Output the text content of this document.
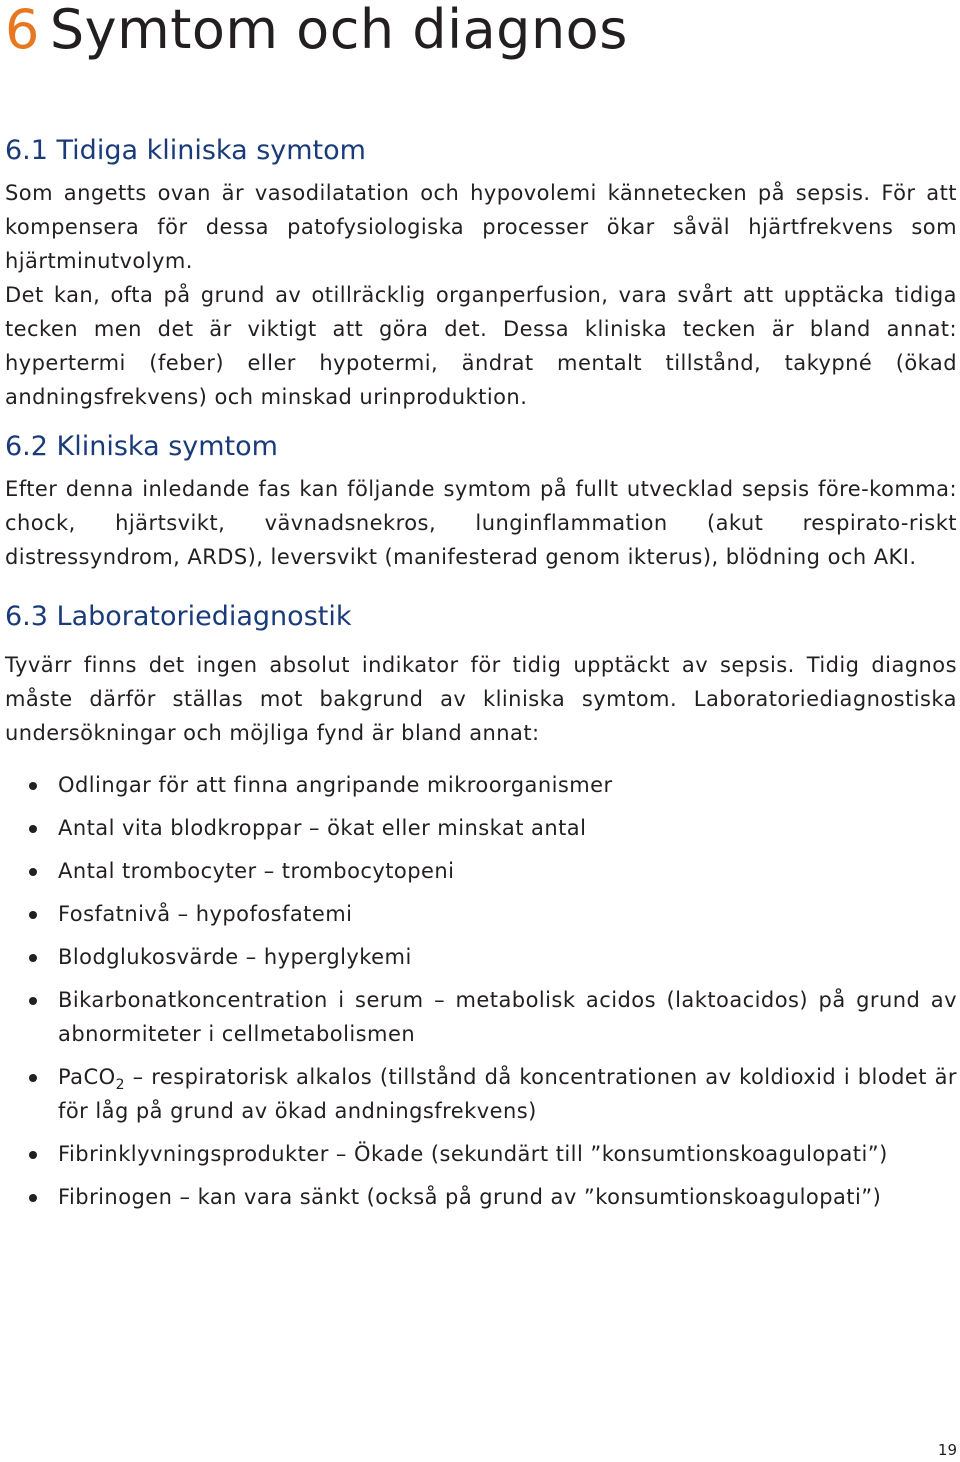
6 Symtom och diagnos
6.1 Tidiga kliniska symtom

Som angetts ovan är vasodilatation och hypovolemi kännetecken på sepsis. För att kompensera för dessa patofysiologiska processer ökar såväl hjärtfrekvens som hjärtminutvolym.

Det kan, ofta på grund av otillräcklig organperfusion, vara svårt att upptäcka tidiga tecken men det är viktigt att göra det. Dessa kliniska tecken är bland annat: hypertermi (feber) eller hypotermi, ändrat mentalt tillstånd, takypné (ökad andningsfrekvens) och minskad urinproduktion.

6.2 Kliniska symtom

Efter denna inledande fas kan följande symtom på fullt utvecklad sepsis före-komma: chock, hjärtsvikt, vävnadsnekros, lunginflammation (akut respirato-riskt distressyndrom, ARDS), leversvikt (manifesterad genom ikterus), blödning och AKI.

6.3 Laboratoriediagnostik

Tyvärr finns det ingen absolut indikator för tidig upptäckt av sepsis. Tidig diagnos måste därför ställas mot bakgrund av kliniska symtom. Laboratoriediagnostiska undersökningar och möjliga fynd är bland annat:

Odlingar för att finna angripande mikroorganismer
Antal vita blodkroppar – ökat eller minskat antal
Antal trombocyter – trombocytopeni
Fosfatnivå – hypofosfatemi
Blodglukosvärde – hyperglykemi
Bikarbonatkoncentration i serum – metabolisk acidos (laktoacidos) på grund av abnormiteter i cellmetabolismen
PaCO$_2$ – respiratorisk alkalos (tillstånd då koncentrationen av koldioxid i blodet är för låg på grund av ökad andningsfrekvens)
Fibrinklyvningsprodukter – Ökade (sekundärt till ”konsumtionskoagulopati”)
Fibrinogen – kan vara sänkt (också på grund av ”konsumtionskoagulopati”)
19
